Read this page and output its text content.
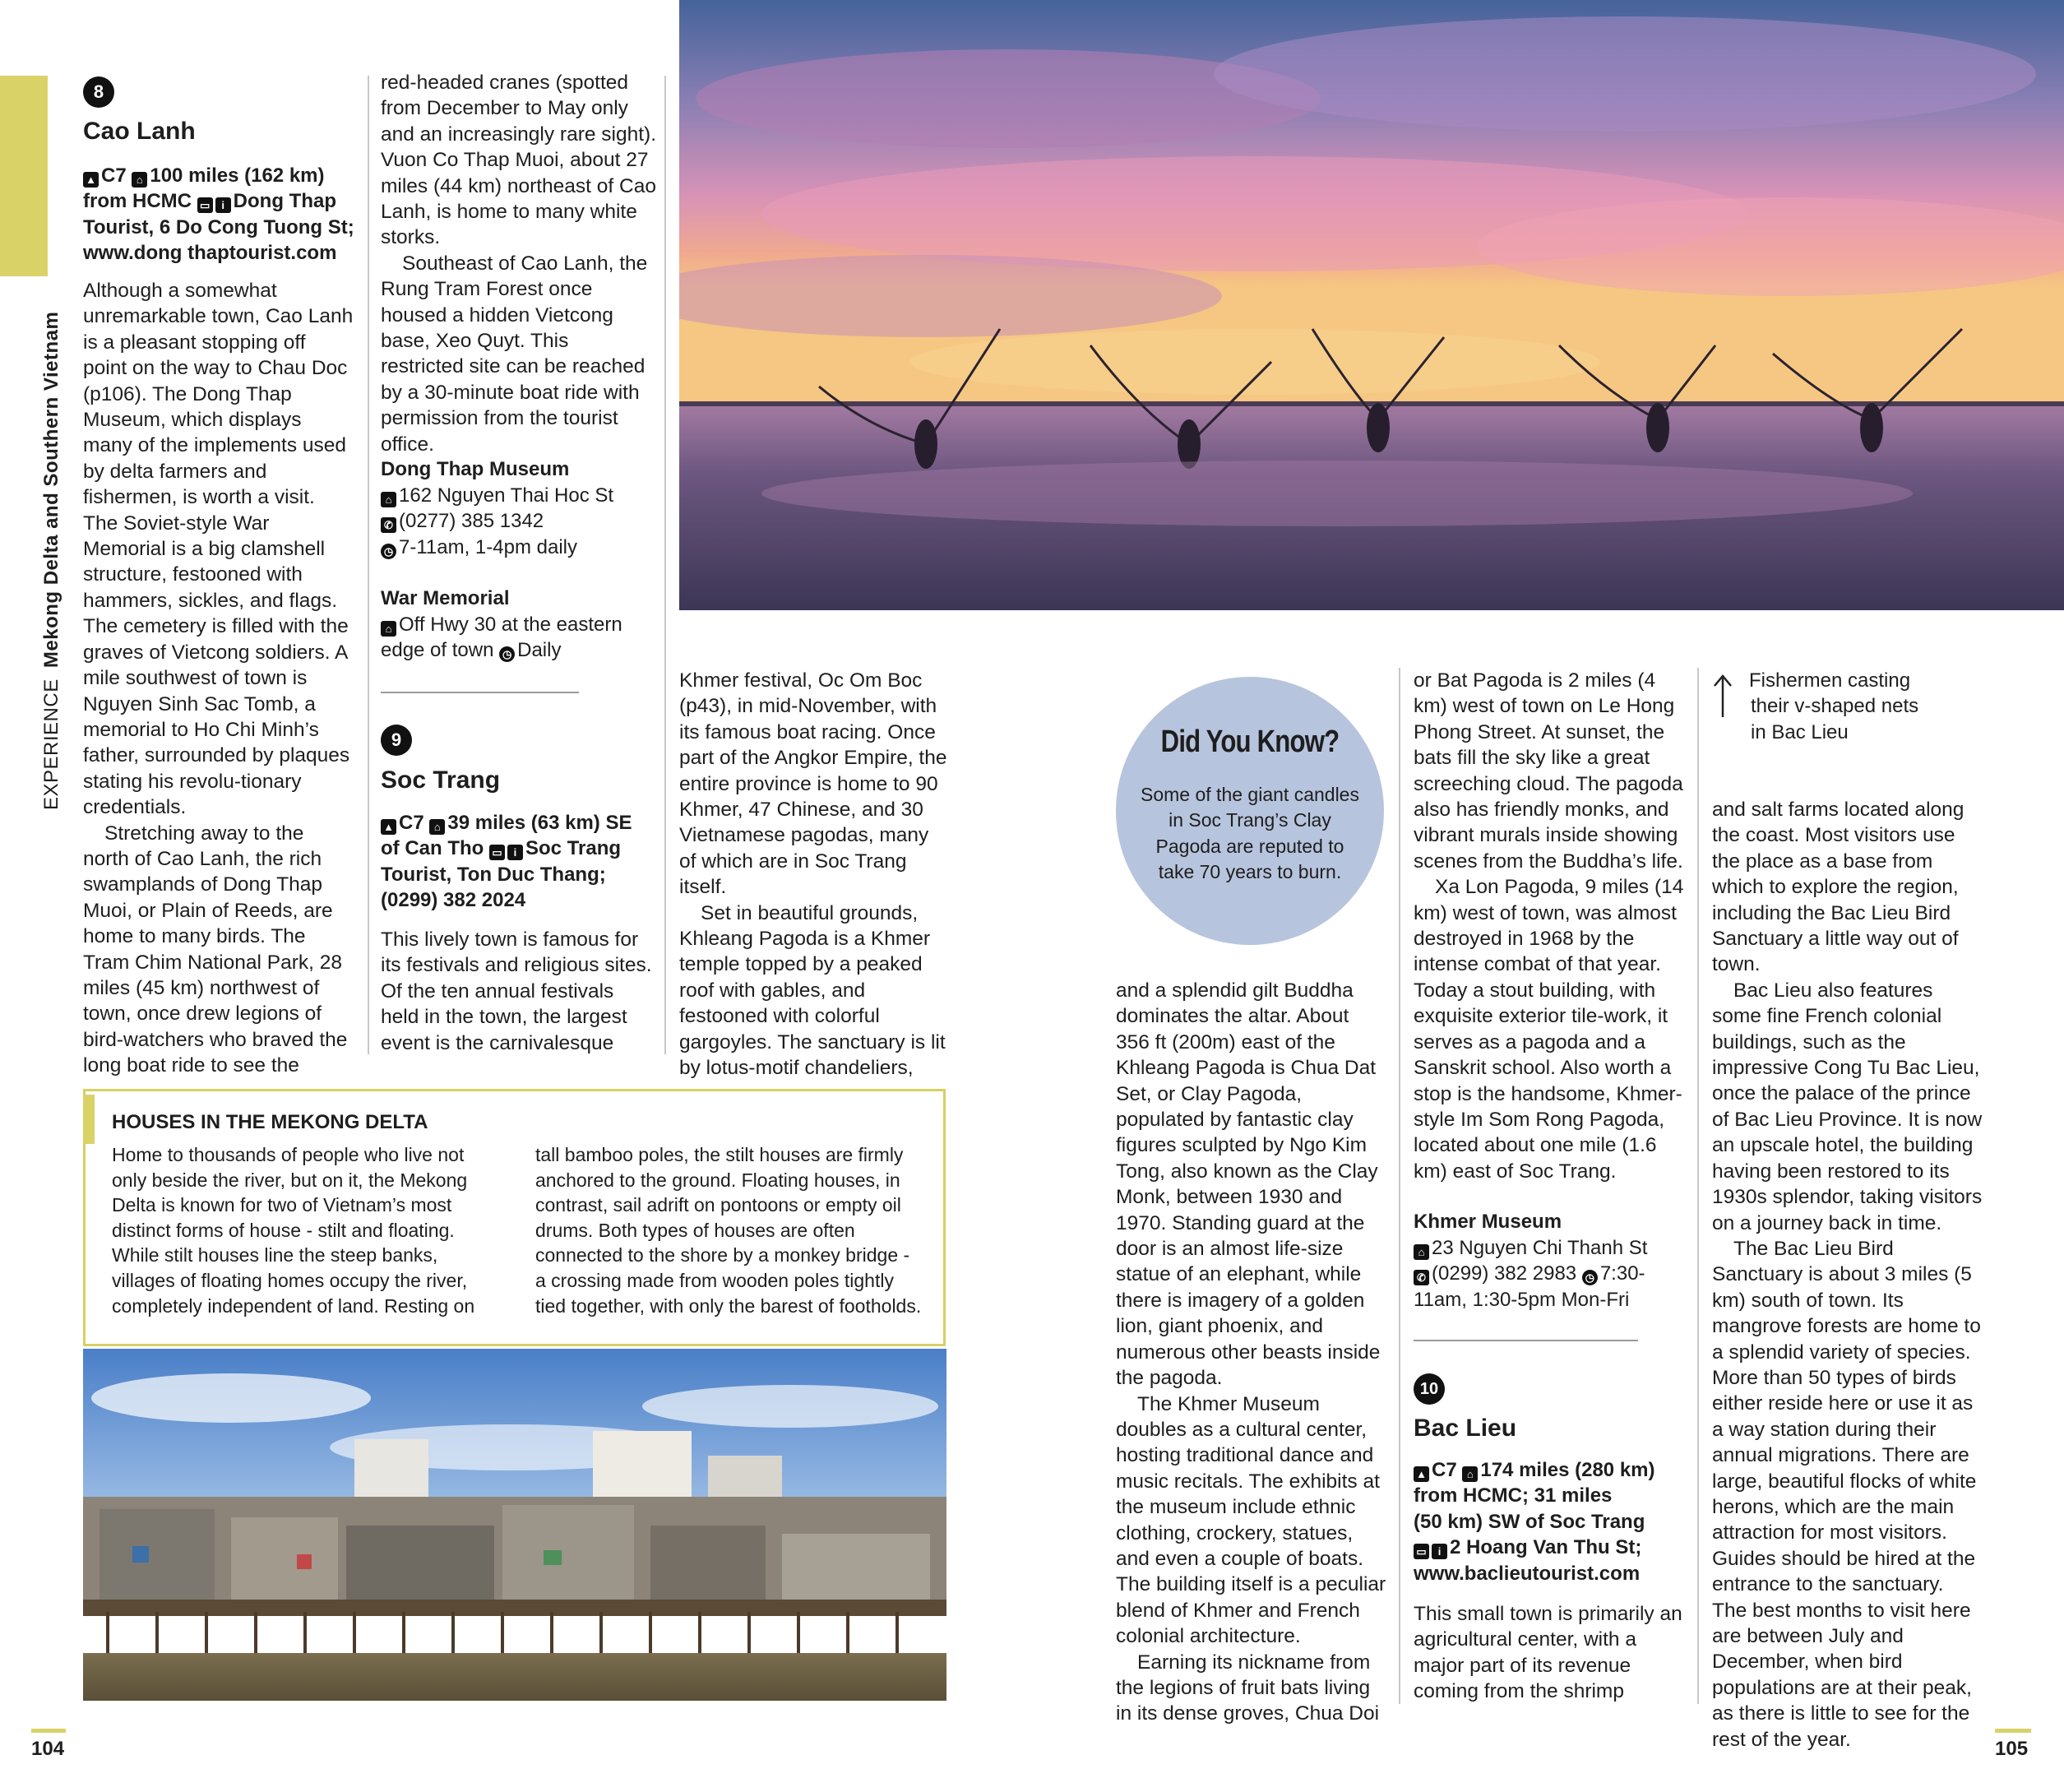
EXPERIENCE Mekong Delta and Southern Vietnam
8
Cao Lanh
▲ C7 ⌂ 100 miles (162 km)
from HCMC ▭ i Dong Thap
Tourist, 6 Do Cong Tuong St;
www.dong thaptourist.com

Although a somewhat unremarkable town, Cao Lanh is a pleasant stopping off point on the way to Chau Doc (p106). The Dong Thap Museum, which displays many of the implements used by delta farmers and fishermen, is worth a visit. The Soviet-style War Memorial is a big clamshell structure, festooned with hammers, sickles, and flags. The cemetery is filled with the graves of Vietcong soldiers. A mile southwest of town is Nguyen Sinh Sac Tomb, a memorial to Ho Chi Minh’s father, surrounded by plaques stating his revolu-tionary credentials.

Stretching away to the north of Cao Lanh, the rich swamplands of Dong Thap Muoi, or Plain of Reeds, are home to many birds. The Tram Chim National Park, 28 miles (45 km) northwest of town, once drew legions of bird-watchers who braved the long boat ride to see the

red-headed cranes (spotted from December to May only and an increasingly rare sight). Vuon Co Thap Muoi, about 27 miles (44 km) northeast of Cao Lanh, is home to many white storks.

Southeast of Cao Lanh, the Rung Tram Forest once housed a hidden Vietcong base, Xeo Quyt. This restricted site can be reached by a 30-minute boat ride with permission from the tourist office.

Dong Thap Museum
⌂ 162 Nguyen Thai Hoc St
✆ (0277) 385 1342
◷ 7-11am, 1-4pm daily
War Memorial
⌂ Off Hwy 30 at the eastern
edge of town ◷ Daily
9
Soc Trang
▲ C7 ⌂ 39 miles (63 km) SE
of Can Tho ▭ i Soc Trang
Tourist, Ton Duc Thang;
(0299) 382 2024

This lively town is famous for its festivals and religious sites. Of the ten annual festivals held in the town, the largest event is the carnivalesque

Khmer festival, Oc Om Boc (p43), in mid-November, with its famous boat racing. Once part of the Angkor Empire, the entire province is home to 90 Khmer, 47 Chinese, and 30 Vietnamese pagodas, many of which are in Soc Trang itself.

Set in beautiful grounds, Khleang Pagoda is a Khmer temple topped by a peaked roof with gables, and festooned with colorful gargoyles. The sanctuary is lit by lotus-motif chandeliers,

Did You Know?
Some of the giant candles in Soc Trang’s Clay Pagoda are reputed to take 70 years to burn.

and a splendid gilt Buddha dominates the altar. About 356 ft (200m) east of the Khleang Pagoda is Chua Dat Set, or Clay Pagoda, populated by fantastic clay figures sculpted by Ngo Kim Tong, also known as the Clay Monk, between 1930 and 1970. Standing guard at the door is an almost life-size statue of an elephant, while there is imagery of a golden lion, giant phoenix, and numerous other beasts inside the pagoda.

The Khmer Museum doubles as a cultural center, hosting traditional dance and music recitals. The exhibits at the museum include ethnic clothing, crockery, statues, and even a couple of boats. The building itself is a peculiar blend of Khmer and French colonial architecture.

Earning its nickname from the legions of fruit bats living in its dense groves, Chua Doi

or Bat Pagoda is 2 miles (4 km) west of town on Le Hong Phong Street. At sunset, the bats fill the sky like a great screeching cloud. The pagoda also has friendly monks, and vibrant murals inside showing scenes from the Buddha’s life.

Xa Lon Pagoda, 9 miles (14 km) west of town, was almost destroyed in 1968 by the intense combat of that year. Today a stout building, with exquisite exterior tile-work, it serves as a pagoda and a Sanskrit school. Also worth a stop is the handsome, Khmer-style Im Som Rong Pagoda, located about one mile (1.6 km) east of Soc Trang.

Khmer Museum
⌂ 23 Nguyen Chi Thanh St
✆ (0299) 382 2983 ◷ 7:30-
11am, 1:30-5pm Mon-Fri
10
Bac Lieu
▲ C7 ⌂ 174 miles (280 km)
from HCMC; 31 miles
(50 km) SW of Soc Trang
▭ i 2 Hoang Van Thu St;
www.baclieutourist.com

This small town is primarily an agricultural center, with a major part of its revenue coming from the shrimp

Fishermen casting
their v-shaped nets
in Bac Lieu

and salt farms located along the coast. Most visitors use the place as a base from which to explore the region, including the Bac Lieu Bird Sanctuary a little way out of town.

Bac Lieu also features some fine French colonial buildings, such as the impressive Cong Tu Bac Lieu, once the palace of the prince of Bac Lieu Province. It is now an upscale hotel, the building having been restored to its 1930s splendor, taking visitors on a journey back in time.

The Bac Lieu Bird Sanctuary is about 3 miles (5 km) south of town. Its mangrove forests are home to a splendid variety of species. More than 50 types of birds either reside here or use it as a way station during their annual migrations. There are large, beautiful flocks of white herons, which are the main attraction for most visitors. Guides should be hired at the entrance to the sanctuary. The best months to visit here are between July and December, when bird populations are at their peak, as there is little to see for the rest of the year.

HOUSES IN THE MEKONG DELTA

Home to thousands of people who live not only beside the river, but on it, the Mekong Delta is known for two of Vietnam’s most distinct forms of house - stilt and floating. While stilt houses line the steep banks, villages of floating homes occupy the river, completely independent of land. Resting on

tall bamboo poles, the stilt houses are firmly anchored to the ground. Floating houses, in contrast, sail adrift on pontoons or empty oil drums. Both types of houses are often connected to the shore by a monkey bridge - a crossing made from wooden poles tightly tied together, with only the barest of footholds.

104	105
